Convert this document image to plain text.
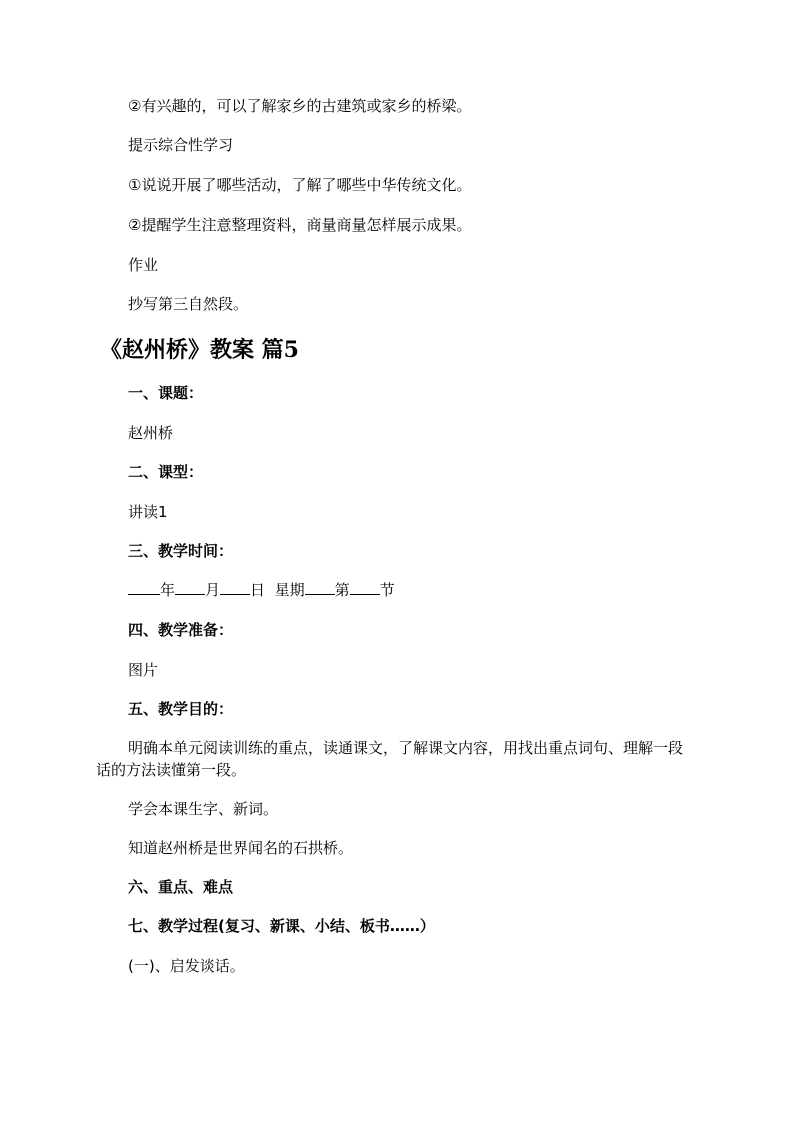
②有兴趣的，可以了解家乡的古建筑或家乡的桥梁。
提示综合性学习
①说说开展了哪些活动，了解了哪些中华传统文化。
②提醒学生注意整理资料，商量商量怎样展示成果。
作业
抄写第三自然段。
《赵州桥》教案 篇5
一、课题：
赵州桥
二、课型：
讲读1
三、教学时间：
年 月 日 星期 第 节
四、教学准备：
图片
五、教学目的：
明确本单元阅读训练的重点，读通课文，了解课文内容，用找出重点词句、理解一段话的方法读懂第一段。
学会本课生字、新词。
知道赵州桥是世界闻名的石拱桥。
六、重点、难点
七、教学过程(复习、新课、小结、板书……）
(一)、启发谈话。
